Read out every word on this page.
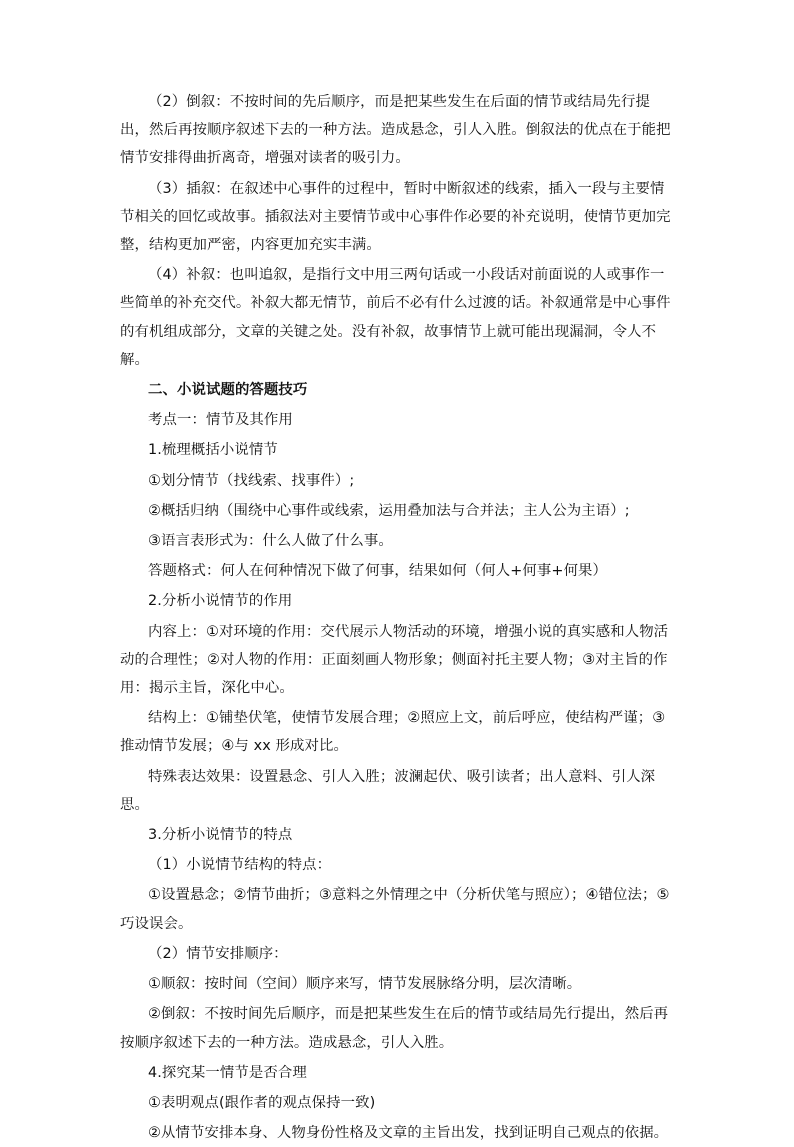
（2）倒叙：不按时间的先后顺序，而是把某些发生在后面的情节或结局先行提出，然后再按顺序叙述下去的一种方法。造成悬念，引人入胜。倒叙法的优点在于能把情节安排得曲折离奇，增强对读者的吸引力。

（3）插叙：在叙述中心事件的过程中，暂时中断叙述的线索，插入一段与主要情节相关的回忆或故事。插叙法对主要情节或中心事件作必要的补充说明，使情节更加完整，结构更加严密，内容更加充实丰满。

（4）补叙：也叫追叙，是指行文中用三两句话或一小段话对前面说的人或事作一些简单的补充交代。补叙大都无情节，前后不必有什么过渡的话。补叙通常是中心事件的有机组成部分，文章的关键之处。没有补叙，故事情节上就可能出现漏洞，令人不解。

二、小说试题的答题技巧

考点一：情节及其作用

1.梳理概括小说情节

①划分情节（找线索、找事件）;

②概括归纳（围绕中心事件或线索，运用叠加法与合并法；主人公为主语）;

③语言表形式为：什么人做了什么事。

答题格式：何人在何种情况下做了何事，结果如何（何人+何事+何果）

2.分析小说情节的作用

内容上：①对环境的作用：交代展示人物活动的环境，增强小说的真实感和人物活动的合理性；②对人物的作用：正面刻画人物形象；侧面衬托主要人物；③对主旨的作用：揭示主旨，深化中心。

结构上：①铺垫伏笔，使情节发展合理；②照应上文，前后呼应，使结构严谨；③推动情节发展；④与 xx 形成对比。

特殊表达效果：设置悬念、引人入胜；波澜起伏、吸引读者；出人意料、引人深思。

3.分析小说情节的特点

（1）小说情节结构的特点：

①设置悬念；②情节曲折；③意料之外情理之中（分析伏笔与照应）；④错位法；⑤巧设误会。

（2）情节安排顺序：

①顺叙：按时间（空间）顺序来写，情节发展脉络分明，层次清晰。

②倒叙：不按时间先后顺序，而是把某些发生在后的情节或结局先行提出，然后再按顺序叙述下去的一种方法。造成悬念，引人入胜。

4.探究某一情节是否合理

①表明观点(跟作者的观点保持一致)

②从情节安排本身、人物身份性格及文章的主旨出发，找到证明自己观点的依据。
